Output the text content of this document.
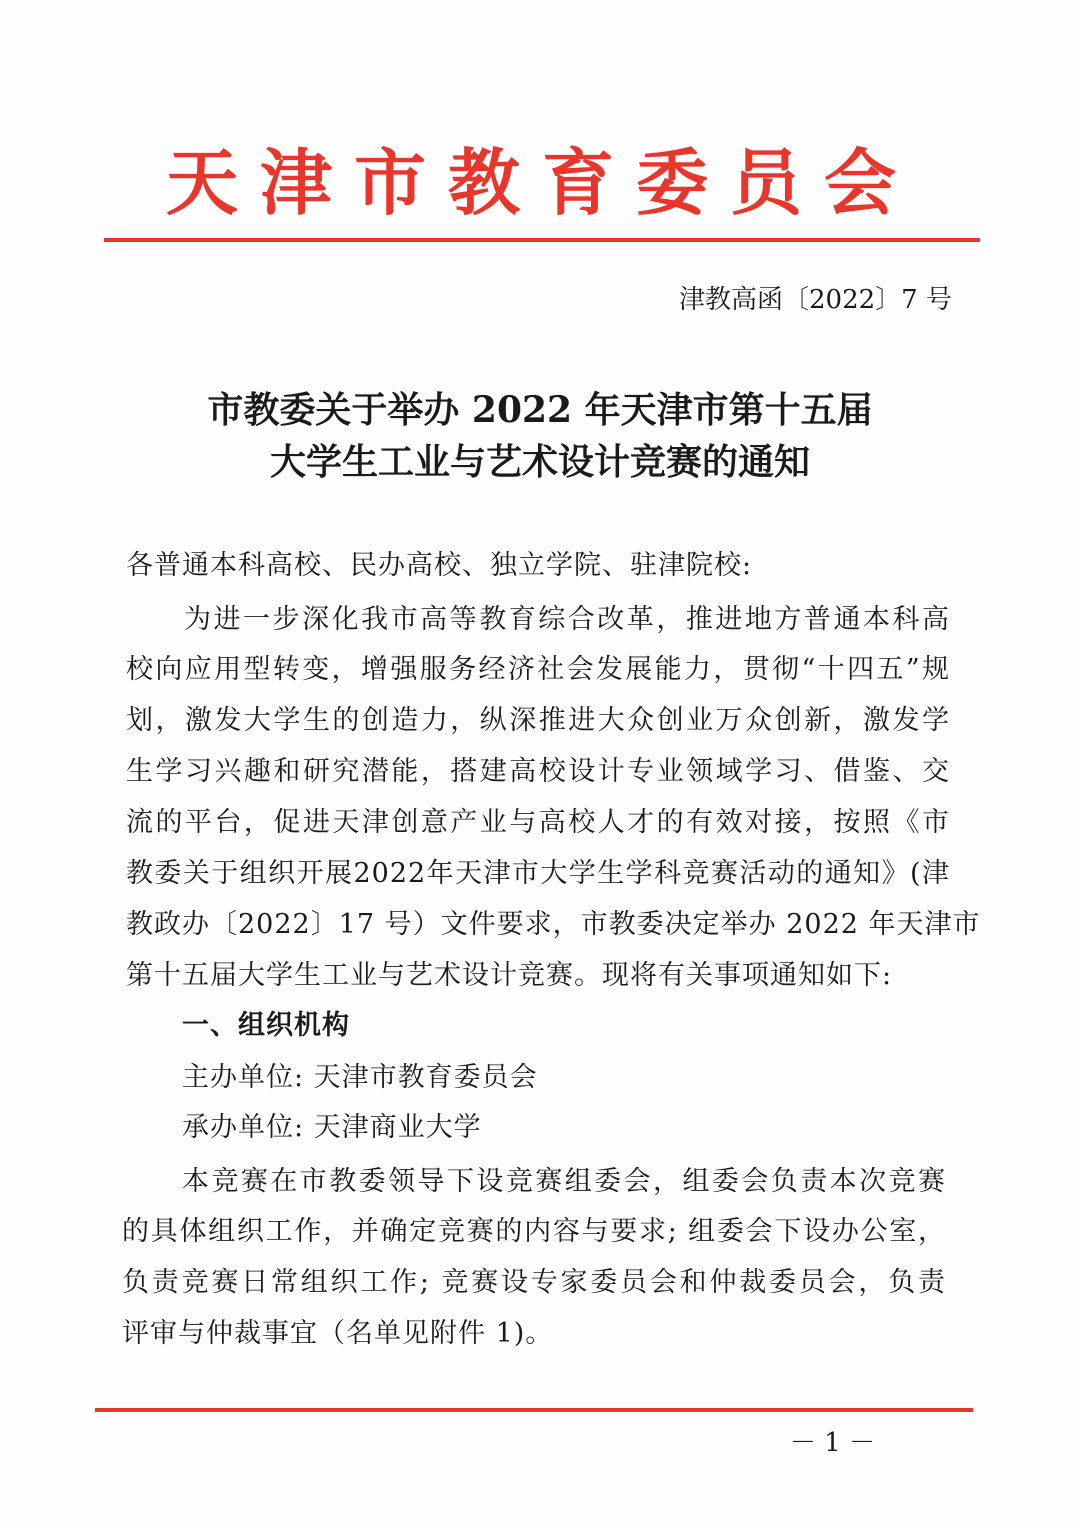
天津市教育委员会
津教高函〔2022〕7 号
市教委关于举办 2022 年天津市第十五届
大学生工业与艺术设计竞赛的通知
各普通本科高校、民办高校、独立学院、驻津院校:
为进一步深化我市高等教育综合改革，推进地方普通本科高
校向应用型转变，增强服务经济社会发展能力，贯彻“十四五”规
划，激发大学生的创造力，纵深推进大众创业万众创新，激发学
生学习兴趣和研究潜能，搭建高校设计专业领域学习、借鉴、交
流的平台，促进天津创意产业与高校人才的有效对接，按照《市
教委关于组织开展2022年天津市大学生学科竞赛活动的通知》(津
教政办〔2022〕17 号）文件要求，市教委决定举办 2022 年天津市
第十五届大学生工业与艺术设计竞赛。现将有关事项通知如下:
一、组织机构
主办单位: 天津市教育委员会
承办单位: 天津商业大学
本竞赛在市教委领导下设竞赛组委会，组委会负责本次竞赛
的具体组织工作，并确定竞赛的内容与要求; 组委会下设办公室，
负责竞赛日常组织工作; 竞赛设专家委员会和仲裁委员会，负责
评审与仲裁事宜（名单见附件 1)。
－ 1 －
